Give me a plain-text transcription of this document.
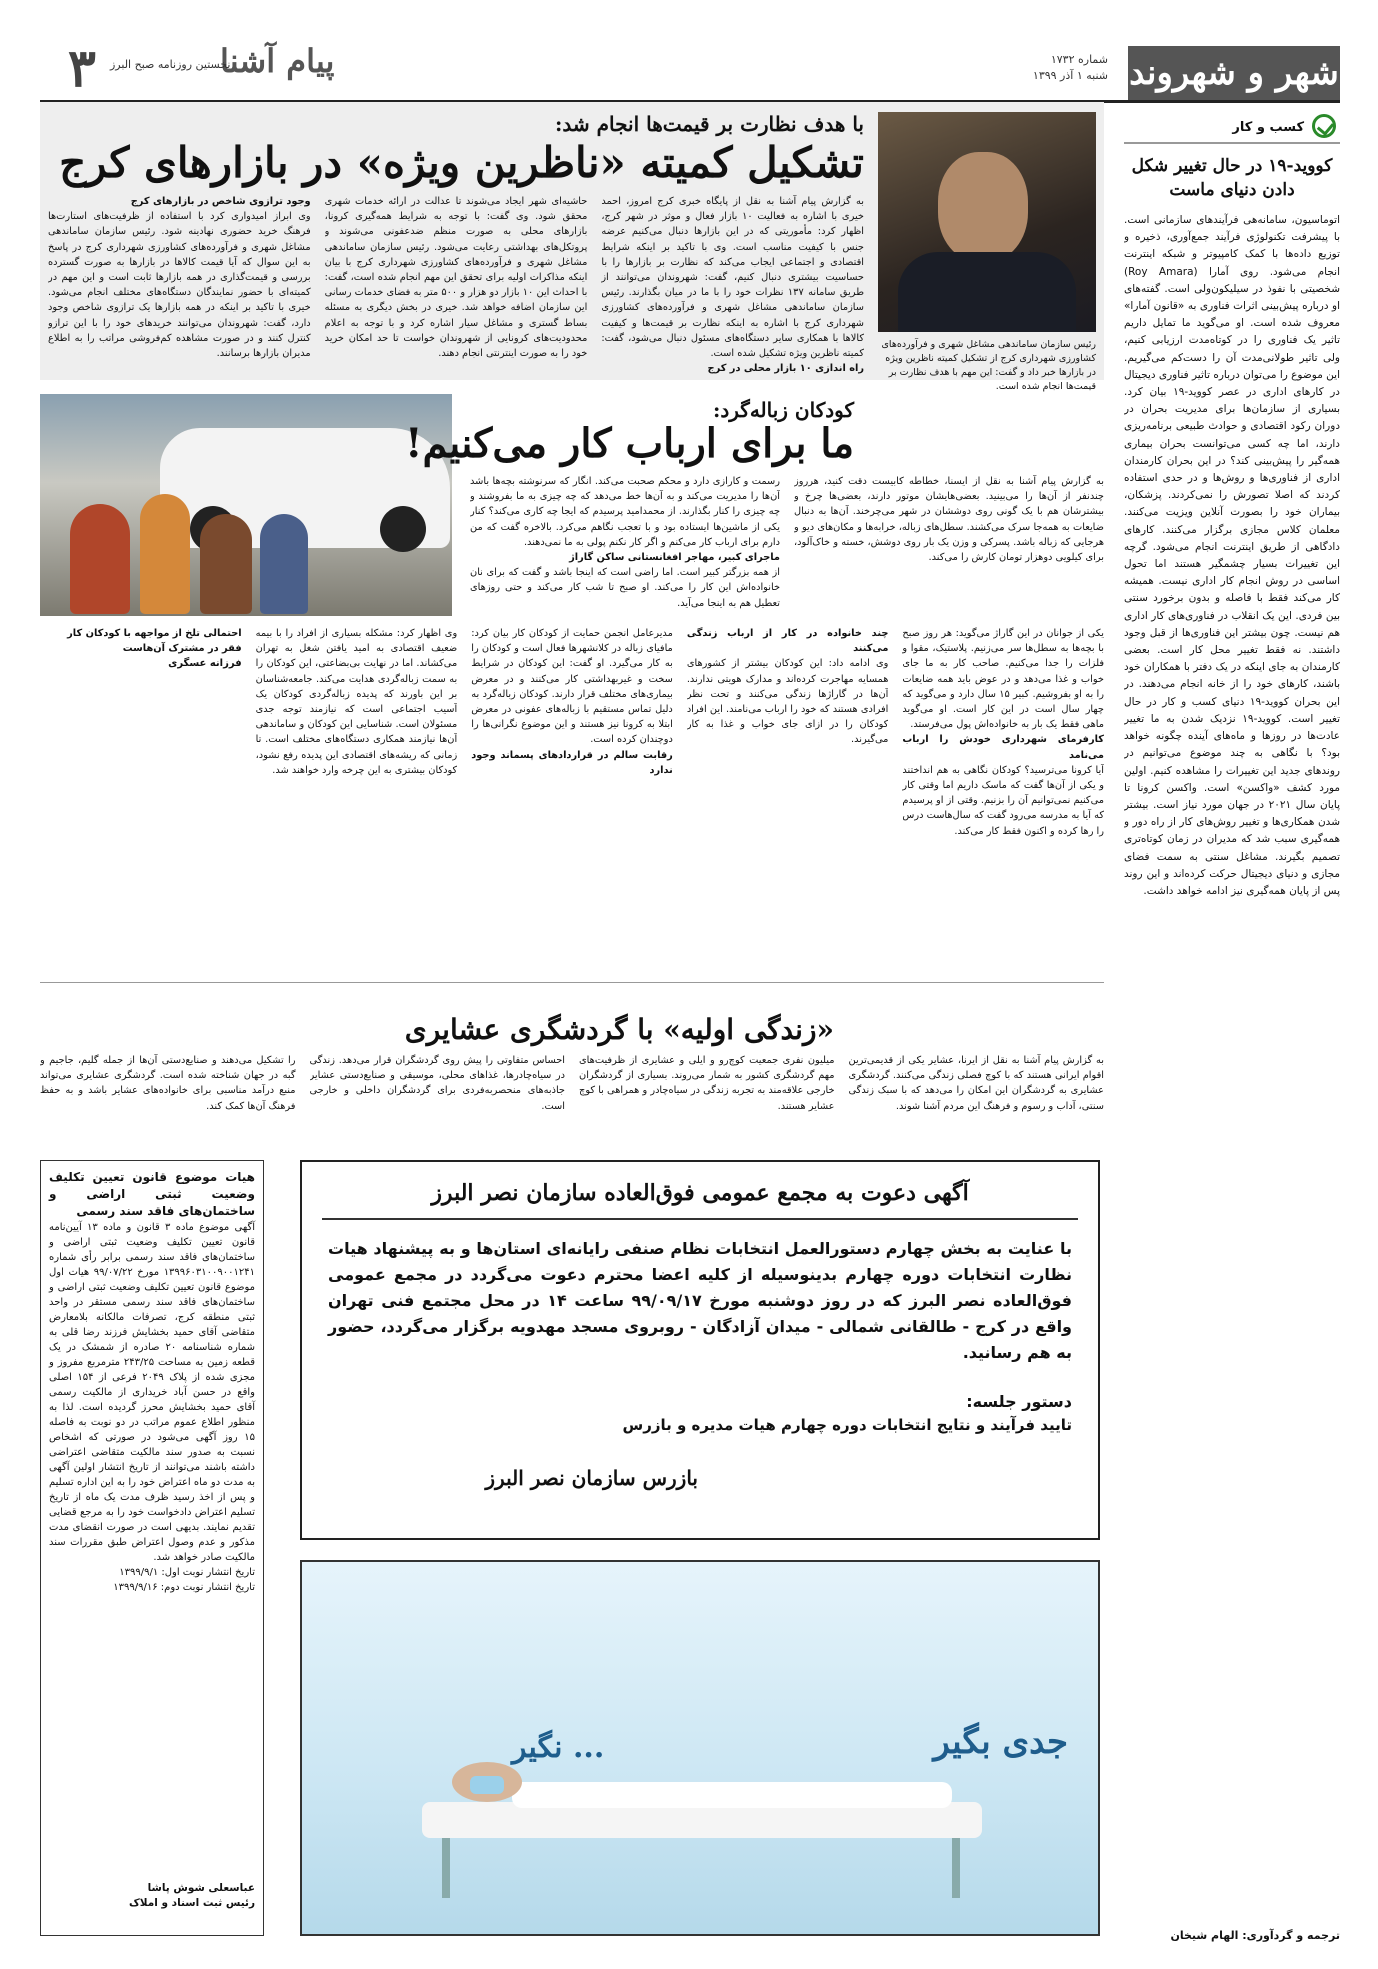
شهر و شهروند
شماره ۱۷۳۲
شنبه ۱ آذر ۱۳۹۹
پیام آشنا
نخستین روزنامه صبح البرز
۳
کسب و کار
کووید-۱۹ در حال تغییر شکل دادن دنیای ماست
اتوماسیون، سامانه‌هی فرآیندهای سازمانی است. با پیشرفت تکنولوژی فرآیند جمع‌آوری، ذخیره و توزیع داده‌ها با کمک کامپیوتر و شبکه اینترنت انجام می‌شود. روی آمارا (Roy Amara) شخصیتی با نفوذ در سیلیکون‌ولی است. گفته‌های او درباره پیش‌بینی اثرات فناوری به «قانون آمارا» معروف شده است. او می‌گوید ما تمایل داریم تاثیر یک فناوری را در کوتاه‌مدت ارزیابی کنیم، ولی تاثیر طولانی‌مدت آن را دست‌کم می‌گیریم. این موضوع را می‌توان درباره تاثیر فناوری دیجیتال در کارهای اداری در عصر کووید-۱۹ بیان کرد. بسیاری از سازمان‌ها برای مدیریت بحران در دوران رکود اقتصادی و حوادث طبیعی برنامه‌ریزی دارند، اما چه کسی می‌توانست بحران بیماری همه‌گیر را پیش‌بینی کند؟ در این بحران کارمندان اداری از فناوری‌ها و روش‌ها و در حدی استفاده کردند که اصلا تصورش را نمی‌کردند. پزشکان، بیماران خود را بصورت آنلاین ویزیت می‌کنند. معلمان کلاس مجازی برگزار می‌کنند. کارهای دادگاهی از طریق اینترنت انجام می‌شود. گرچه این تغییرات بسیار چشمگیر هستند اما تحول اساسی در روش انجام کار اداری نیست. همیشه کار می‌کند فقط با فاصله و بدون برخورد سنتی بین فردی. این یک انقلاب در فناوری‌های کار اداری هم نیست. چون بیشتر این فناوری‌ها از قبل وجود داشتند. نه فقط تغییر محل کار است. بعضی کارمندان به جای اینکه در یک دفتر با همکاران خود باشند، کارهای خود را از خانه انجام می‌دهند. در این بحران کووید-۱۹ دنیای کسب و کار در حال تغییر است. کووید-۱۹ نزدیک شدن به ما تغییر عادت‌ها در روزها و ماه‌های آینده چگونه خواهد بود؟ با نگاهی به چند موضوع می‌توانیم در روندهای جدید این تغییرات را مشاهده کنیم. اولین مورد کشف «واکسن» است. واکسن کرونا تا پایان سال ۲۰۲۱ در جهان مورد نیاز است. بیشتر شدن همکاری‌ها و تغییر روش‌های کار از راه دور و همه‌گیری سبب شد که مدیران در زمان کوتاه‌تری تصمیم بگیرند. مشاغل سنتی به سمت فضای مجازی و دنیای دیجیتال حرکت کرده‌اند و این روند پس از پایان همه‌گیری نیز ادامه خواهد داشت.
ترجمه و گردآوری: الهام شیخان
با هدف نظارت بر قیمت‌ها انجام شد:
تشکیل کمیته «ناظرین ویژه» در بازارهای کرج
رئیس سازمان ساماندهی مشاغل شهری و فرآورده‌های کشاورزی شهرداری کرج از تشکیل کمیته ناظرین ویژه در بازارها خبر داد و گفت: این مهم با هدف نظارت بر قیمت‌ها انجام شده است.
به گزارش پیام آشنا به نقل از پایگاه خبری کرج امروز، احمد خیری با اشاره به فعالیت ۱۰ بازار فعال و موثر در شهر کرج، اظهار کرد: مأموریتی که در این بازارها دنبال می‌کنیم عرضه جنس با کیفیت مناسب است. وی با تاکید بر اینکه شرایط اقتصادی و اجتماعی ایجاب می‌کند که نظارت بر بازارها را با حساسیت بیشتری دنبال کنیم، گفت: شهروندان می‌توانند از طریق سامانه ۱۳۷ نظرات خود را با ما در میان بگذارند. رئیس سازمان ساماندهی مشاغل شهری و فرآورده‌های کشاورزی شهرداری کرج با اشاره به اینکه نظارت بر قیمت‌ها و کیفیت کالاها با همکاری سایر دستگاه‌های مسئول دنبال می‌شود، گفت: کمیته ناظرین ویژه تشکیل شده است.
راه اندازی ۱۰ بازار محلی در کرج
حاشیه‌ای شهر ایجاد می‌شوند تا عدالت در ارائه خدمات شهری محقق شود. وی گفت: با توجه به شرایط همه‌گیری کرونا، بازارهای محلی به صورت منظم ضدعفونی می‌شوند و پروتکل‌های بهداشتی رعایت می‌شود. رئیس سازمان ساماندهی مشاغل شهری و فرآورده‌های کشاورزی شهرداری کرج با بیان اینکه مذاکرات اولیه برای تحقق این مهم انجام شده است، گفت: با احداث این ۱۰ بازار دو هزار و ۵۰۰ متر به فضای خدمات رسانی این سازمان اضافه خواهد شد. خیری در بخش دیگری به مسئله بساط گستری و مشاغل سیار اشاره کرد و با توجه به اعلام محدودیت‌های کرونایی از شهروندان خواست تا حد امکان خرید خود را به صورت اینترنتی انجام دهند.
وجود ترازوی شاخص در بازارهای کرج
وی ابراز امیدواری کرد با استفاده از ظرفیت‌های استارت‌ها فرهنگ خرید حضوری نهادینه شود. رئیس سازمان ساماندهی مشاغل شهری و فرآورده‌های کشاورزی شهرداری کرج در پاسخ به این سوال که آیا قیمت کالاها در بازارها به صورت گسترده بررسی و قیمت‌گذاری در همه بازارها ثابت است و این مهم در کمیته‌ای با حضور نمایندگان دستگاه‌های مختلف انجام می‌شود. خیری با تاکید بر اینکه در همه بازارها یک ترازوی شاخص وجود دارد، گفت: شهروندان می‌توانند خریدهای خود را با این ترازو کنترل کنند و در صورت مشاهده کم‌فروشی مراتب را به اطلاع مدیران بازارها برسانند.
کودکان زباله‌گرد:
ما برای ارباب کار می‌کنیم!
به گزارش پیام آشنا به نقل از ایسنا، خطاطه کابیست دقت کنید، هرروز چندنفر از آن‌ها را می‌بینید. بعضی‌هایشان موتور دارند، بعضی‌ها چرخ و بیشترشان هم با یک گونی روی دوششان در شهر می‌چرخند. آن‌ها به دنبال ضایعات به همه‌جا سرک می‌کشند. سطل‌های زباله، خرابه‌ها و مکان‌های دیو و هرجایی که زباله باشد. پسرکی و وزن یک بار روی دوشش، خسته و خاک‌آلود، برای کیلویی دوهزار تومان کارش را می‌کند.
رسمت و کارازی دارد و محکم صحبت می‌کند. انگار که سرنوشته بچه‌ها باشد آن‌ها را مدیریت می‌کند و به آن‌ها خط می‌دهد که چه چیزی به ما بفروشند و چه چیزی را کنار بگذارند. از محمدامید پرسیدم که ایجا چه کاری می‌کند؟ کنار یکی از ماشین‌ها ایستاده بود و با تعجب نگاهم می‌کرد. بالاخره گفت که من دارم برای ارباب کار می‌کنم و اگر کار نکنم پولی به ما نمی‌دهند.
ماجرای کبیر، مهاجر افغانستانی ساکن گاراژ
از همه بزرگتر کبیر است. اما راضی است که اینجا باشد و گفت که برای نان خانواده‌اش این کار را می‌کند. او صبح تا شب کار می‌کند و حتی روزهای تعطیل هم به اینجا می‌آید.
یکی از جوانان در این گاراژ می‌گوید: هر روز صبح با بچه‌ها به سطل‌ها سر می‌زنیم. پلاستیک، مقوا و فلزات را جدا می‌کنیم. صاحب کار به ما جای خواب و غذا می‌دهد و در عوض باید همه ضایعات را به او بفروشیم. کبیر ۱۵ سال دارد و می‌گوید که چهار سال است در این کار است. او می‌گوید ماهی فقط یک بار به خانواده‌اش پول می‌فرستد.
کارفرمای شهرداری خودش را ارباب می‌نامد
آیا کرونا می‌ترسید؟ کودکان نگاهی به هم انداختند و یکی از آن‌ها گفت که ماسک داریم اما وقتی کار می‌کنیم نمی‌توانیم آن را بزنیم. وقتی از او پرسیدم که آیا به مدرسه می‌رود گفت که سال‌هاست درس را رها کرده و اکنون فقط کار می‌کند.
چند خانواده در کار از ارباب زندگی می‌کنند
وی ادامه داد: این کودکان بیشتر از کشورهای همسایه مهاجرت کرده‌اند و مدارک هویتی ندارند. آن‌ها در گاراژها زندگی می‌کنند و تحت نظر افرادی هستند که خود را ارباب می‌نامند. این افراد کودکان را در ازای جای خواب و غذا به کار می‌گیرند.
مدیرعامل انجمن حمایت از کودکان کار بیان کرد: مافیای زباله در کلانشهرها فعال است و کودکان را به کار می‌گیرد. او گفت: این کودکان در شرایط سخت و غیربهداشتی کار می‌کنند و در معرض بیماری‌های مختلف قرار دارند. کودکان زباله‌گرد به دلیل تماس مستقیم با زباله‌های عفونی در معرض ابتلا به کرونا نیز هستند و این موضوع نگرانی‌ها را دوچندان کرده است.
رقابت سالم در قراردادهای پسماند وجود ندارد
وی اظهار کرد: مشکله بسیاری از افراد را با بیمه ضعیف اقتصادی به امید یافتن شغل به تهران می‌کشاند. اما در نهایت بی‌بضاعتی، این کودکان را به سمت زباله‌گردی هدایت می‌کند. جامعه‌شناسان بر این باورند که پدیده زباله‌گردی کودکان یک آسیب اجتماعی است که نیازمند توجه جدی مسئولان است. شناسایی این کودکان و ساماندهی آن‌ها نیازمند همکاری دستگاه‌های مختلف است. تا زمانی که ریشه‌های اقتصادی این پدیده رفع نشود، کودکان بیشتری به این چرخه وارد خواهند شد.
احتمالی تلخ از مواجهه با کودکان کار
فقر در مشترک آن‌هاست
فرزانه عسگری
«زندگی اولیه» با گردشگری عشایری
به گزارش پیام آشنا به نقل از ایرنا، عشایر یکی از قدیمی‌ترین اقوام ایرانی هستند که با کوچ فصلی زندگی می‌کنند. گردشگری عشایری به گردشگران این امکان را می‌دهد که با سبک زندگی سنتی، آداب و رسوم و فرهنگ این مردم آشنا شوند.
میلیون نفری جمعیت کوچ‌رو و ایلی و عشایری از ظرفیت‌های مهم گردشگری کشور به شمار می‌روند. بسیاری از گردشگران خارجی علاقه‌مند به تجربه زندگی در سیاه‌چادر و همراهی با کوچ عشایر هستند.
احساس متفاوتی را پیش روی گردشگران قرار می‌دهد. زندگی در سیاه‌چادرها، غذاهای محلی، موسیقی و صنایع‌دستی عشایر جاذبه‌های منحصربه‌فردی برای گردشگران داخلی و خارجی است.
را تشکیل می‌دهند و صنایع‌دستی آن‌ها از جمله گلیم، جاجیم و گبه در جهان شناخته شده است. گردشگری عشایری می‌تواند منبع درآمد مناسبی برای خانواده‌های عشایر باشد و به حفظ فرهنگ آن‌ها کمک کند.
هیات موضوع قانون تعیین تکلیف وضعیت ثبتی اراضی و ساختمان‌های فاقد سند رسمی
آگهی موضوع ماده ۳ قانون و ماده ۱۳ آیین‌نامه قانون تعیین تکلیف وضعیت ثبتی اراضی و ساختمان‌های فاقد سند رسمی برابر رأی شماره ۱۳۹۹۶۰۳۱۰۰۹۰۰۱۲۴۱ مورخ ۹۹/۰۷/۲۲ هیات اول موضوع قانون تعیین تکلیف وضعیت ثبتی اراضی و ساختمان‌های فاقد سند رسمی مستقر در واحد ثبتی منطقه کرج، تصرفات مالکانه بلامعارض متقاضی آقای حمید بخشایش فرزند رضا قلی به شماره شناسنامه ۲۰ صادره از شمشک در یک قطعه زمین به مساحت ۲۴۳/۲۵ مترمربع مفروز و مجزی شده از پلاک ۲۰۴۹ فرعی از ۱۵۴ اصلی واقع در حسن آباد خریداری از مالکیت رسمی آقای حمید بخشایش محرز گردیده است. لذا به منظور اطلاع عموم مراتب در دو نوبت به فاصله ۱۵ روز آگهی می‌شود در صورتی که اشخاص نسبت به صدور سند مالکیت متقاضی اعتراضی داشته باشند می‌توانند از تاریخ انتشار اولین آگهی به مدت دو ماه اعتراض خود را به این اداره تسلیم و پس از اخذ رسید ظرف مدت یک ماه از تاریخ تسلیم اعتراض دادخواست خود را به مرجع قضایی تقدیم نمایند. بدیهی است در صورت انقضای مدت مذکور و عدم وصول اعتراض طبق مقررات سند مالکیت صادر خواهد شد.
تاریخ انتشار نوبت اول: ۱۳۹۹/۹/۱
تاریخ انتشار نوبت دوم: ۱۳۹۹/۹/۱۶
عباسعلی شوش پاشا
رئیس ثبت اسناد و املاک
آگهی دعوت به مجمع عمومی فوق‌العاده سازمان نصر البرز
با عنایت به بخش چهارم دستورالعمل انتخابات نظام صنفی رایانه‌ای استان‌ها و به پیشنهاد هیات نظارت انتخابات دوره چهارم بدینوسیله از کلیه اعضا محترم دعوت می‌گردد در مجمع عمومی فوق‌العاده نصر البرز که در روز دوشنبه مورخ ۹۹/۰۹/۱۷ ساعت ۱۴ در محل مجتمع فنی تهران واقع در کرج - طالقانی شمالی - میدان آزادگان - روبروی مسجد مهدویه برگزار می‌گردد، حضور به هم رسانید.
دستور جلسه:
تایید فرآیند و نتایج انتخابات دوره چهارم هیات مدیره و بازرس
بازرس سازمان نصر البرز
جدی بگیر
... نگیر
